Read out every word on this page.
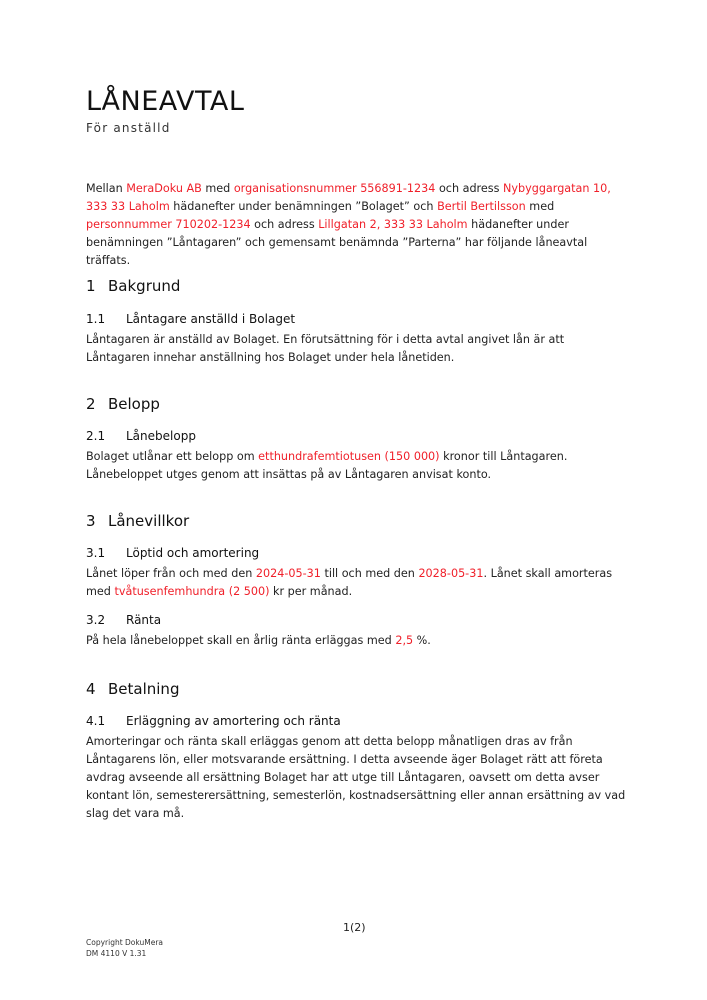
LÅNEAVTAL

För anställd

Mellan MeraDoku AB med organisationsnummer 556891-1234 och adress Nybyggargatan 10, 333 33 Laholm hädanefter under benämningen ”Bolaget” och Bertil Bertilsson med personnummer 710202-1234 och adress Lillgatan 2, 333 33 Laholm hädanefter under benämningen ”Låntagaren” och gemensamt benämnda ”Parterna” har följande låneavtal träffats.

1 Bakgrund
1.1 Låntagare anställd i Bolaget

Låntagaren är anställd av Bolaget. En förutsättning för i detta avtal angivet lån är att Låntagaren innehar anställning hos Bolaget under hela lånetiden.

2 Belopp
2.1 Lånebelopp

Bolaget utlånar ett belopp om etthundrafemtiotusen (150 000) kronor till Låntagaren. Lånebeloppet utges genom att insättas på av Låntagaren anvisat konto.

3 Lånevillkor
3.1 Löptid och amortering

Lånet löper från och med den 2024-05-31 till och med den 2028-05-31. Lånet skall amorteras med tvåtusenfemhundra (2 500) kr per månad.

3.2 Ränta

På hela lånebeloppet skall en årlig ränta erläggas med 2,5 %.

4 Betalning
4.1 Erläggning av amortering och ränta

Amorteringar och ränta skall erläggas genom att detta belopp månatligen dras av från Låntagarens lön, eller motsvarande ersättning. I detta avseende äger Bolaget rätt att företa avdrag avseende all ersättning Bolaget har att utge till Låntagaren, oavsett om detta avser kontant lön, semesterersättning, semesterlön, kostnadsersättning eller annan ersättning av vad slag det vara må.

1(2)
Copyright DokuMera
DM 4110 V 1.31
